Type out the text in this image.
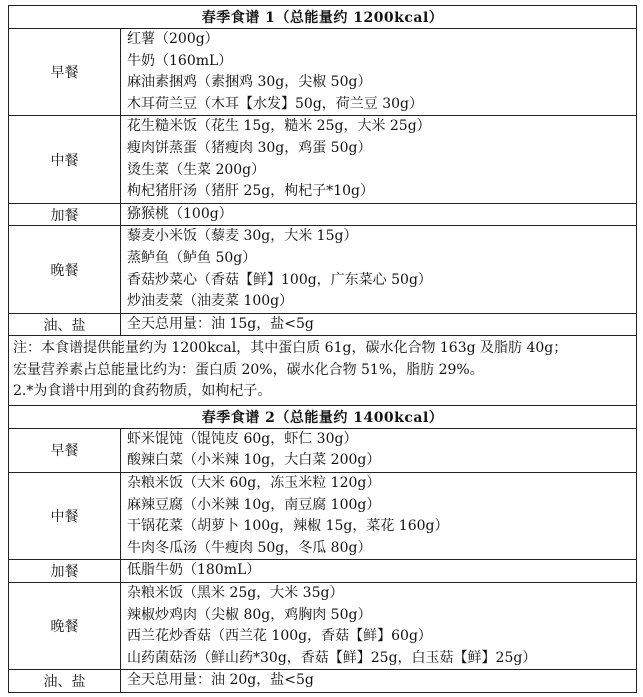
春季食谱 1（总能量约 1200kcal）	
早餐	红薯（200g）
牛奶（160mL）
麻油素捆鸡（素捆鸡 30g，尖椒 50g）
木耳荷兰豆（木耳【水发】50g，荷兰豆 30g）

中餐	花生糙米饭（花生 15g，糙米 25g，大米 25g）
瘦肉饼蒸蛋（猪瘦肉 30g，鸡蛋 50g）
烫生菜（生菜 200g）
枸杞猪肝汤（猪肝 25g，枸杞子*10g）

加餐	猕猴桃（100g）

晚餐	藜麦小米饭（藜麦 30g，大米 15g）
蒸鲈鱼（鲈鱼 50g）
香菇炒菜心（香菇【鲜】100g，广东菜心 50g）
炒油麦菜（油麦菜 100g）

油、盐	全天总用量：油 15g，盐<5g

注：本食谱提供能量约为 1200kcal，其中蛋白质 61g，碳水化合物 163g 及脂肪 40g；
宏量营养素占总能量比约为：蛋白质 20%，碳水化合物 51%，脂肪 29%。
2.*为食谱中用到的食药物质，如枸杞子。	

春季食谱 2（总能量约 1400kcal）	
早餐	虾米馄饨（馄饨皮 60g，虾仁 30g）
酸辣白菜（小米辣 10g，大白菜 200g）

中餐	杂粮米饭（大米 60g，冻玉米粒 120g）
麻辣豆腐（小米辣 10g，南豆腐 100g）
干锅花菜（胡萝卜 100g，辣椒 15g，菜花 160g）
牛肉冬瓜汤（牛瘦肉 50g，冬瓜 80g）

加餐	低脂牛奶（180mL）

晚餐	杂粮米饭（黑米 25g，大米 35g）
辣椒炒鸡肉（尖椒 80g，鸡胸肉 50g）
西兰花炒香菇（西兰花 100g，香菇【鲜】60g）
山药菌菇汤（鲜山药*30g，香菇【鲜】25g，白玉菇【鲜】25g）

油、盐	全天总用量：油 20g，盐<5g
